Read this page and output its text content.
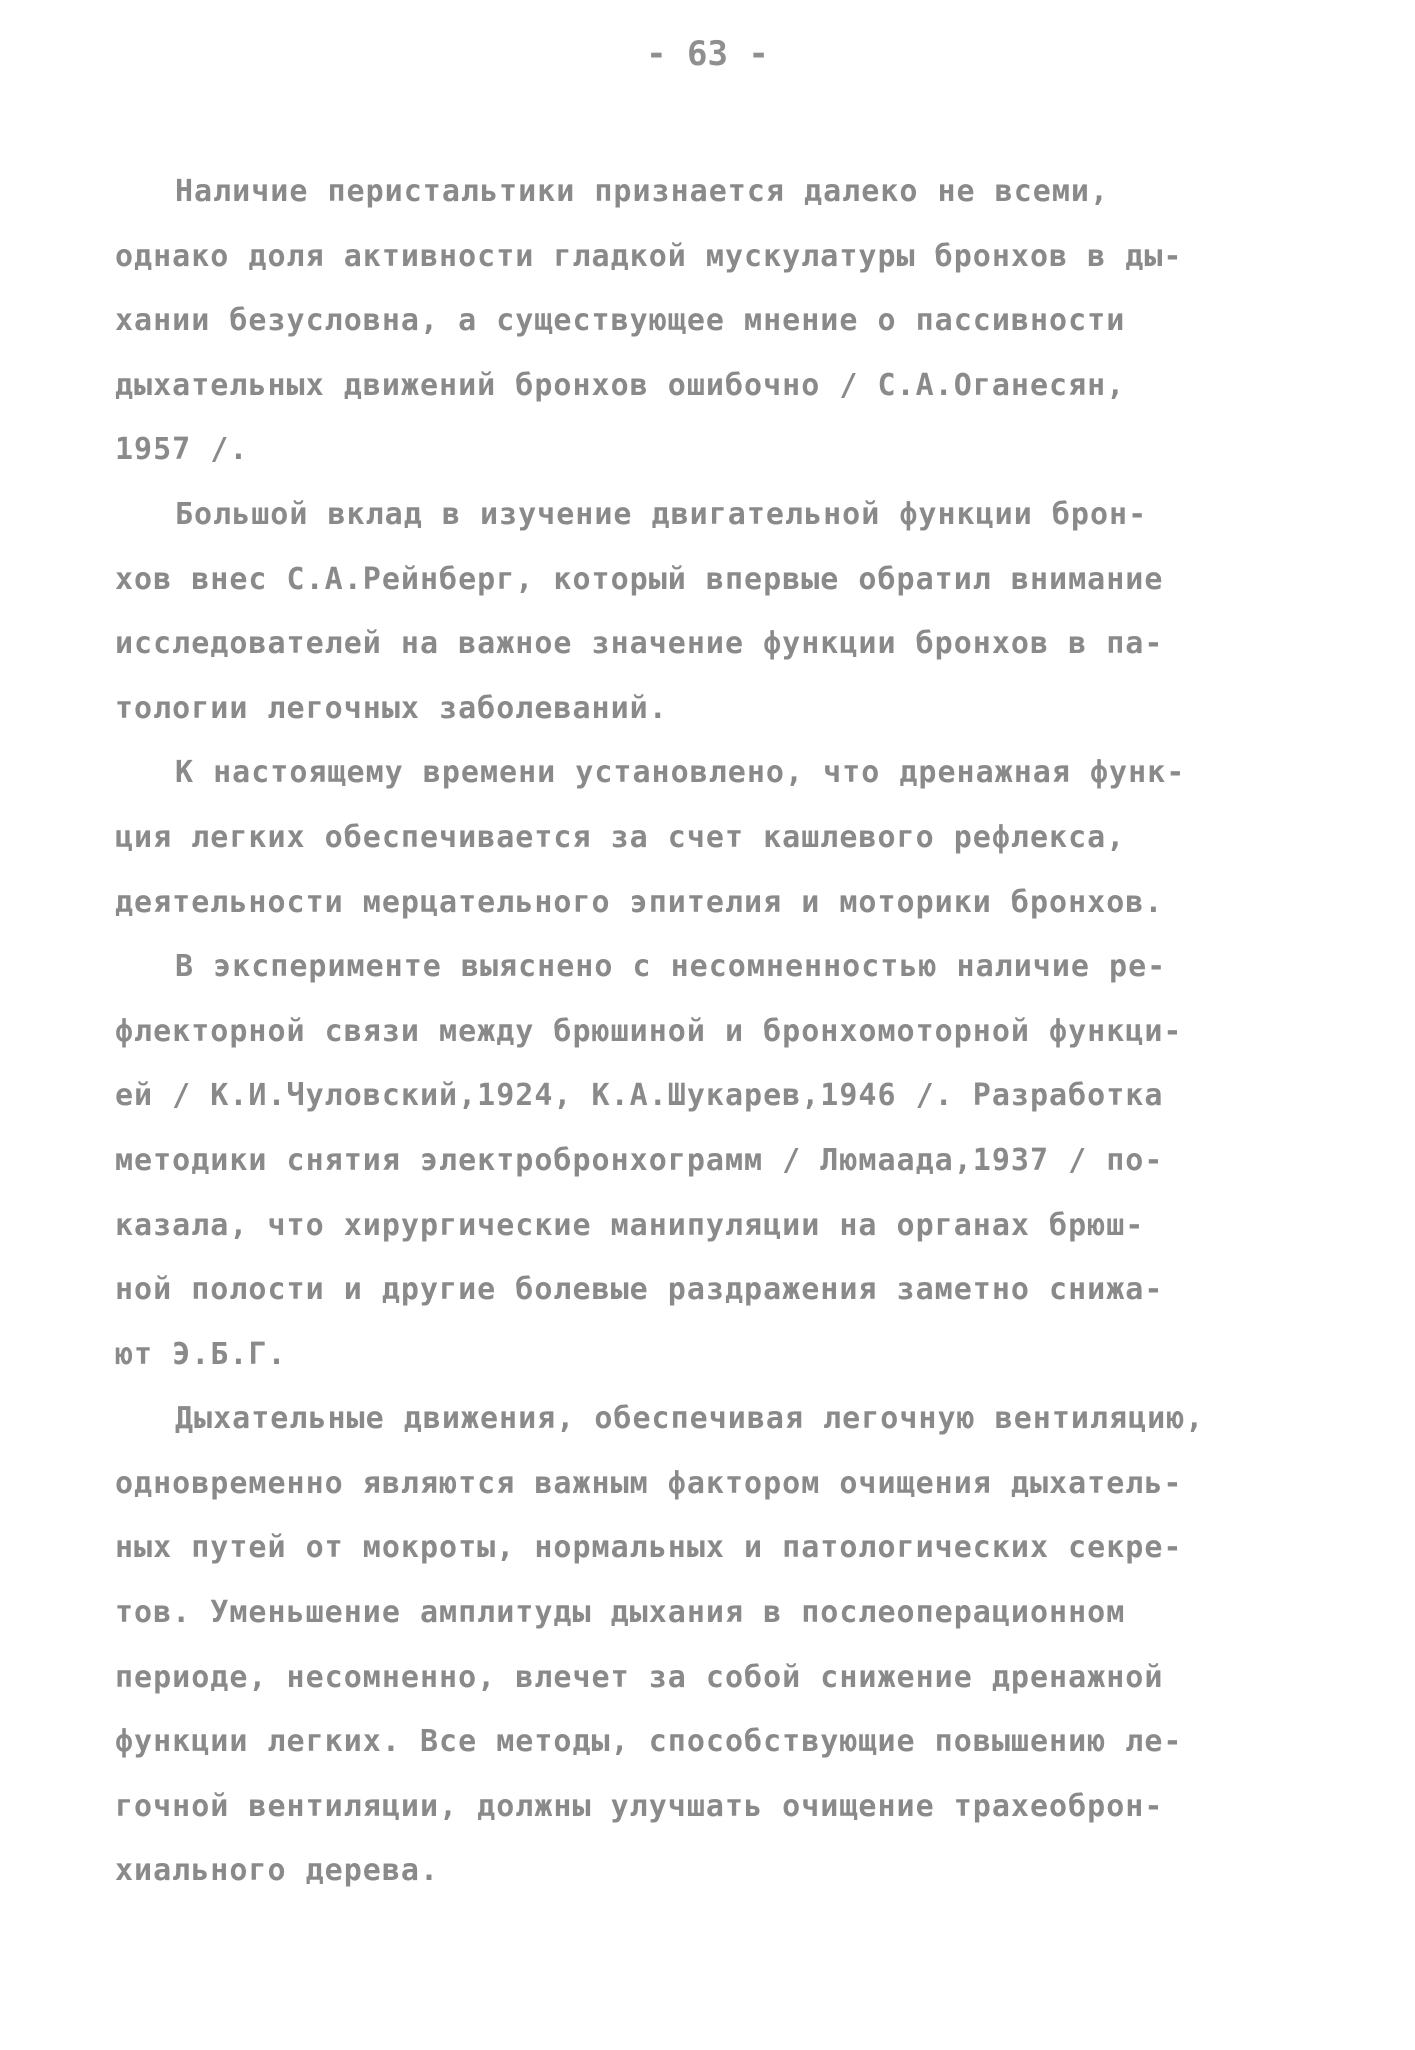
- 63 -
Наличие перистальтики признается далеко не всеми,
однако доля активности гладкой мускулатуры бронхов в ды-
хании безусловна, а существующее мнение о пассивности
дыхательных движений бронхов ошибочно / С.А.Оганесян,
1957 /.
Большой вклад в изучение двигательной функции брон-
хов внес С.А.Рейнберг, который впервые обратил внимание
исследователей на важное значение функции бронхов в па-
тологии легочных заболеваний.
К настоящему времени установлено, что дренажная функ-
ция легких обеспечивается за счет кашлевого рефлекса,
деятельности мерцательного эпителия и моторики бронхов.
В эксперименте выяснено с несомненностью наличие ре-
флекторной связи между брюшиной и бронхомоторной функци-
ей / К.И.Чуловский,1924, К.А.Шукарев,1946 /. Разработка
методики снятия электробронхограмм / Люмаада,1937 / по-
казала, что хирургические манипуляции на органах брюш-
ной полости и другие болевые раздражения заметно снижа-
ют Э.Б.Г.
Дыхательные движения, обеспечивая легочную вентиляцию,
одновременно являются важным фактором очищения дыхатель-
ных путей от мокроты, нормальных и патологических секре-
тов. Уменьшение амплитуды дыхания в послеоперационном
периоде, несомненно, влечет за собой снижение дренажной
функции легких. Все методы, способствующие повышению ле-
гочной вентиляции, должны улучшать очищение трахеоброн-
хиального дерева.
